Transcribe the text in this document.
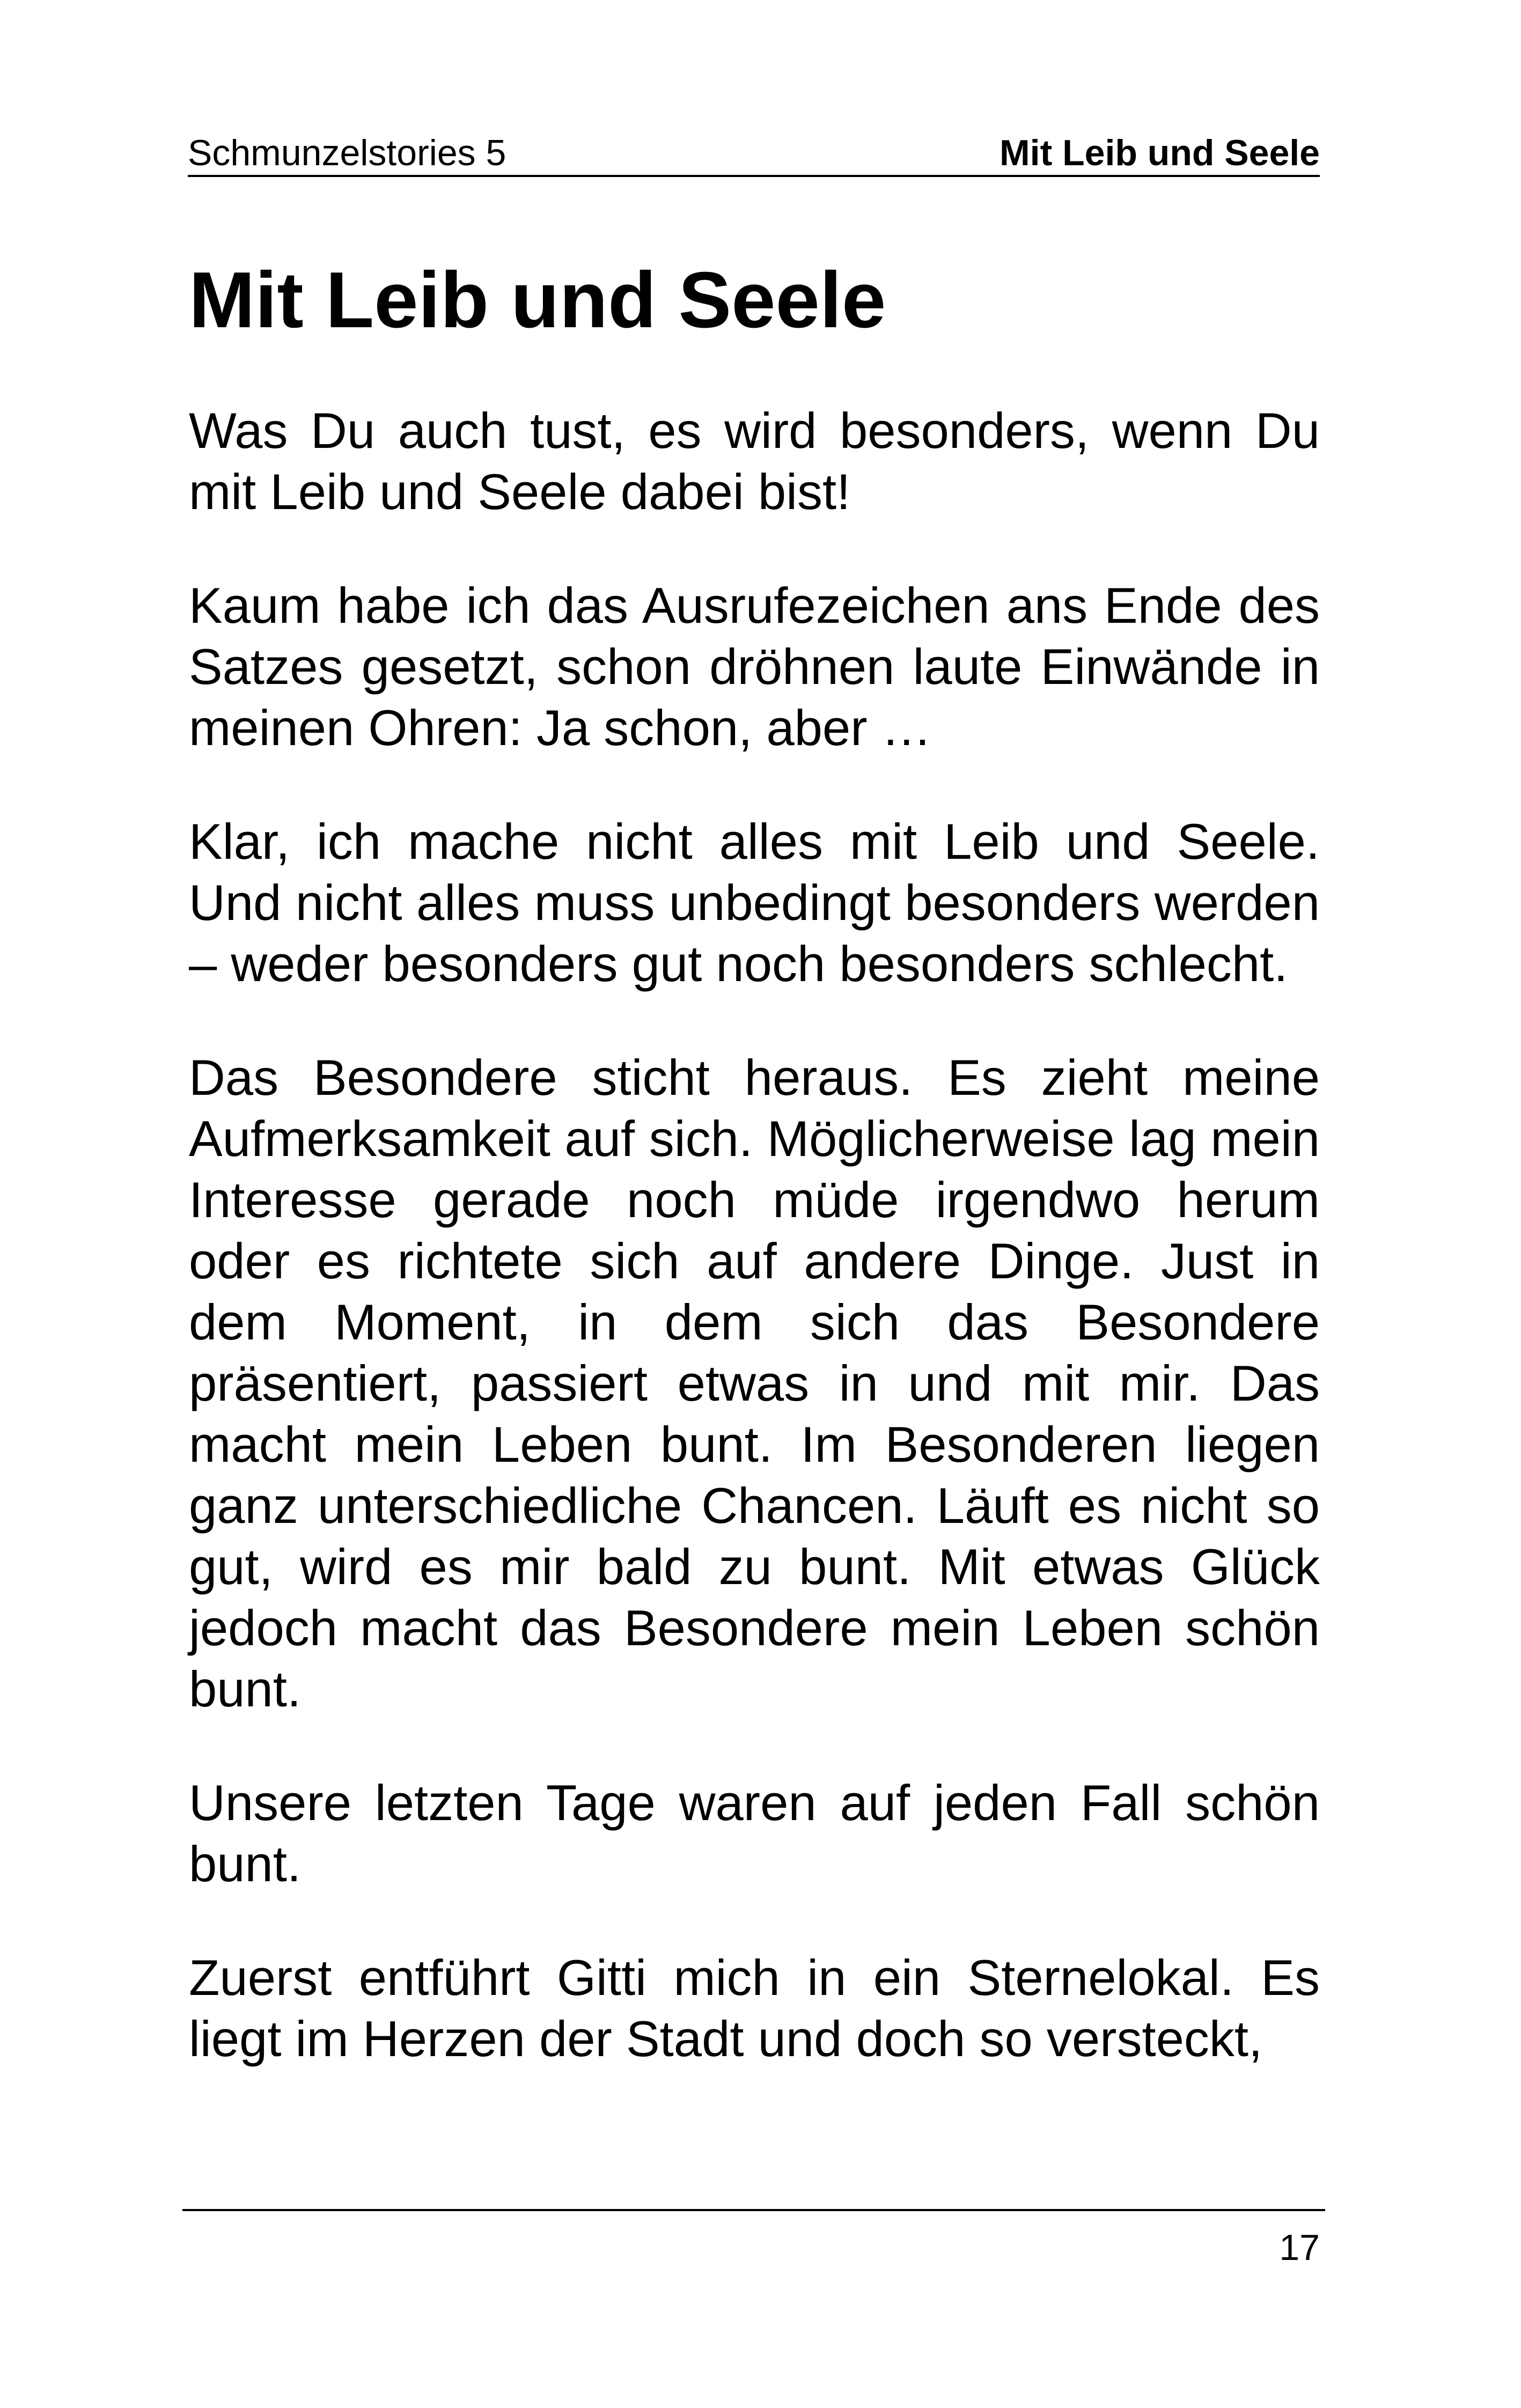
Schmunzelstories 5	Mit Leib und Seele
Mit Leib und Seele

Was Du auch tust, es wird besonders, wenn Du mit Leib und Seele dabei bist!

Kaum habe ich das Ausrufezeichen ans Ende des Satzes gesetzt, schon dröhnen laute Einwände in meinen Ohren: Ja schon, aber …

Klar, ich mache nicht alles mit Leib und Seele. Und nicht alles muss unbedingt besonders werden – weder besonders gut noch besonders schlecht.

Das Besondere sticht heraus. Es zieht meine Aufmerksamkeit auf sich. Möglicherweise lag mein Interesse gerade noch müde irgendwo herum oder es richtete sich auf andere Dinge. Just in dem Moment, in dem sich das Besondere präsentiert, passiert etwas in und mit mir. Das macht mein Leben bunt. Im Besonderen liegen ganz unterschiedliche Chancen. Läuft es nicht so gut, wird es mir bald zu bunt. Mit etwas Glück jedoch macht das Besondere mein Leben schön bunt.

Unsere letzten Tage waren auf jeden Fall schön bunt.

Zuerst entführt Gitti mich in ein Sternelokal. Es liegt im Herzen der Stadt und doch so versteckt,

17
